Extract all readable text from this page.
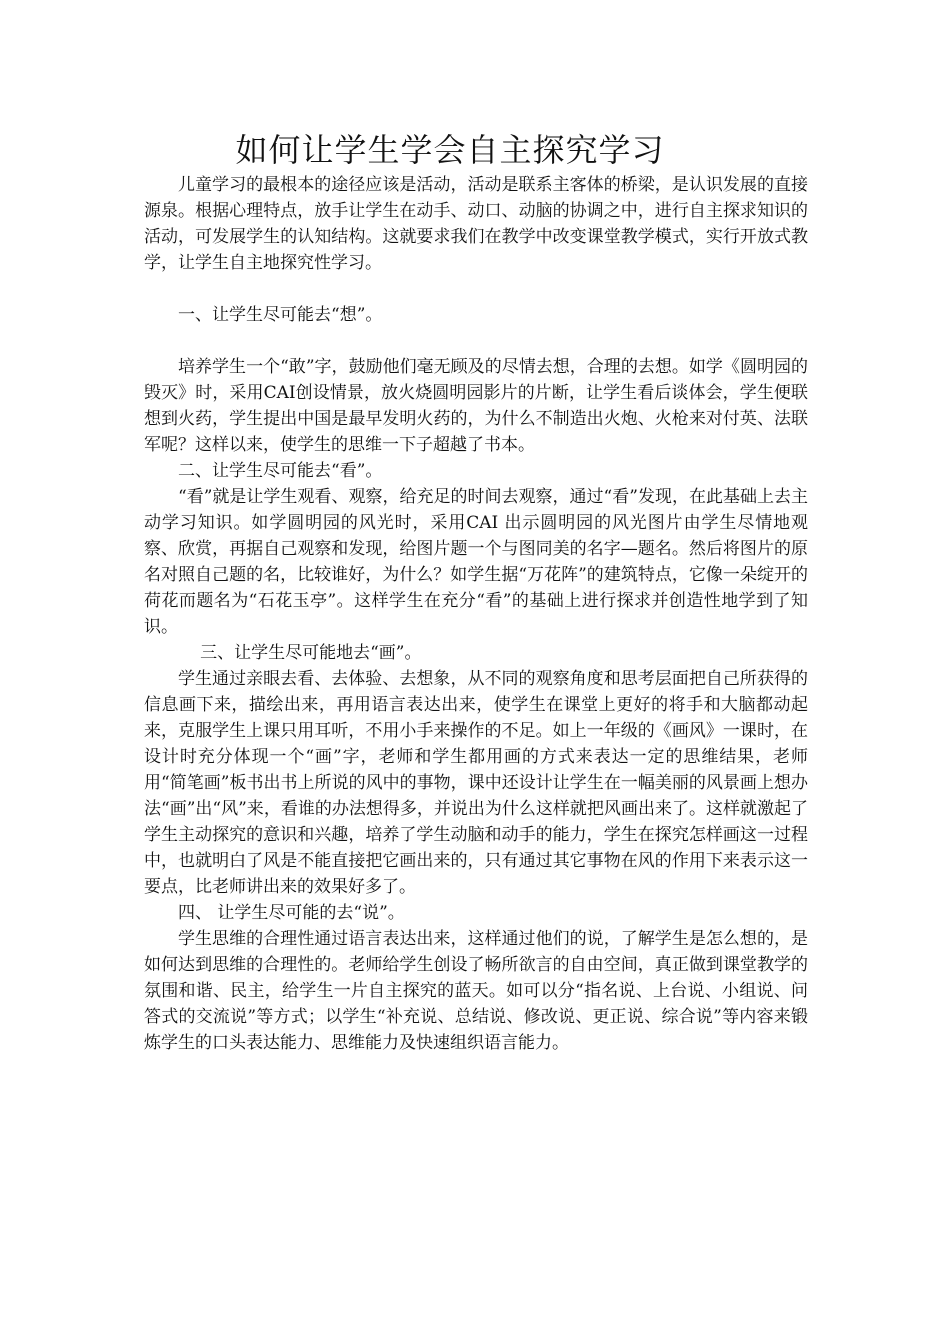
如何让学生学会自主探究学习

儿童学习的最根本的途径应该是活动，活动是联系主客体的桥梁，是认识发展的直接源泉。根据心理特点，放手让学生在动手、动口、动脑的协调之中，进行自主探求知识的活动，可发展学生的认知结构。这就要求我们在教学中改变课堂教学模式，实行开放式教学，让学生自主地探究性学习。

一、让学生尽可能去“想”。

培养学生一个“敢”字，鼓励他们毫无顾及的尽情去想，合理的去想。如学《圆明园的毁灭》时，采用CAI创设情景，放火烧圆明园影片的片断，让学生看后谈体会，学生便联想到火药，学生提出中国是最早发明火药的，为什么不制造出火炮、火枪来对付英、法联军呢？这样以来，使学生的思维一下子超越了书本。

二、让学生尽可能去“看”。

“看”就是让学生观看、观察，给充足的时间去观察，通过“看”发现，在此基础上去主动学习知识。如学圆明园的风光时，采用CAI 出示圆明园的风光图片由学生尽情地观察、欣赏，再据自己观察和发现，给图片题一个与图同美的名字—题名。然后将图片的原名对照自己题的名，比较谁好，为什么？如学生据“万花阵”的建筑特点，它像一朵绽开的荷花而题名为“石花玉亭”。这样学生在充分“看”的基础上进行探求并创造性地学到了知识。

三、让学生尽可能地去“画”。

学生通过亲眼去看、去体验、去想象，从不同的观察角度和思考层面把自己所获得的信息画下来，描绘出来，再用语言表达出来，使学生在课堂上更好的将手和大脑都动起来，克服学生上课只用耳听，不用小手来操作的不足。如上一年级的《画风》一课时，在设计时充分体现一个“画”字，老师和学生都用画的方式来表达一定的思维结果，老师用“简笔画”板书出书上所说的风中的事物，课中还设计让学生在一幅美丽的风景画上想办法“画”出“风”来，看谁的办法想得多，并说出为什么这样就把风画出来了。这样就激起了学生主动探究的意识和兴趣，培养了学生动脑和动手的能力，学生在探究怎样画这一过程中，也就明白了风是不能直接把它画出来的，只有通过其它事物在风的作用下来表示这一要点，比老师讲出来的效果好多了。

四、 让学生尽可能的去“说”。

学生思维的合理性通过语言表达出来，这样通过他们的说，了解学生是怎么想的，是如何达到思维的合理性的。老师给学生创设了畅所欲言的自由空间，真正做到课堂教学的氛围和谐、民主，给学生一片自主探究的蓝天。如可以分“指名说、上台说、小组说、问答式的交流说”等方式；以学生“补充说、总结说、修改说、更正说、综合说”等内容来锻炼学生的口头表达能力、思维能力及快速组织语言能力。
